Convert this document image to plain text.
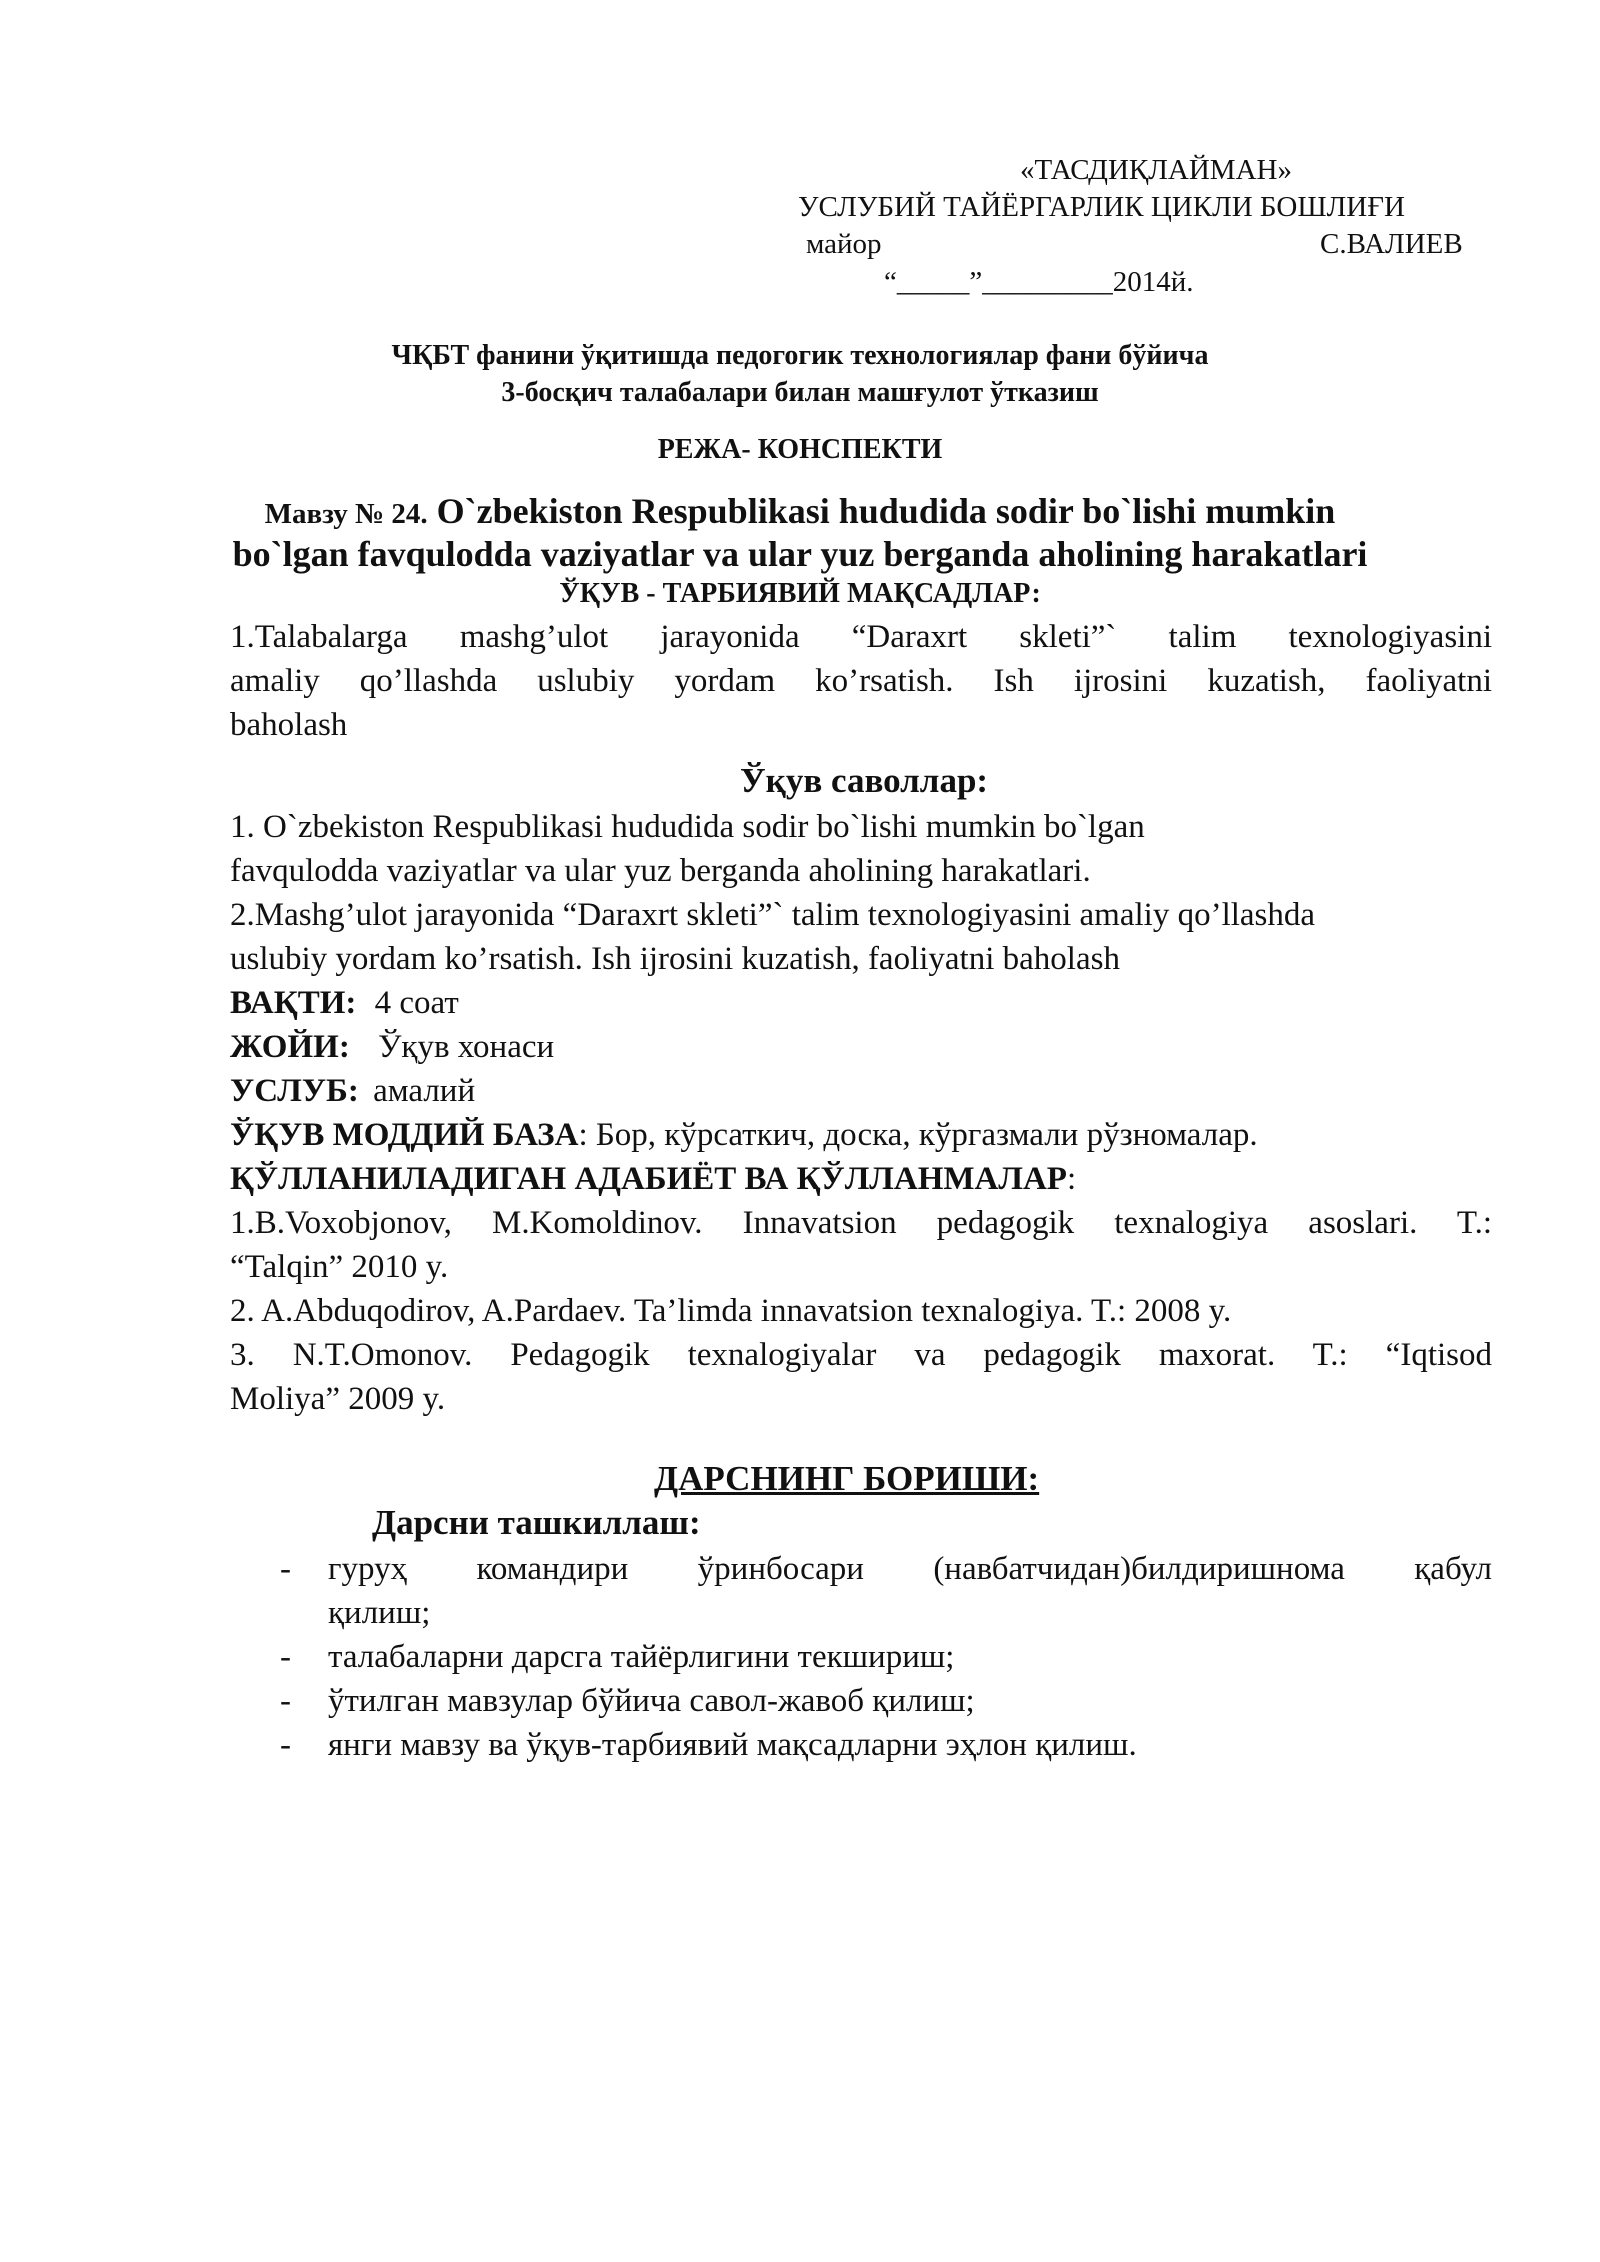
«ТАСДИҚЛАЙМАН»
УСЛУБИЙ ТАЙЁРГАРЛИК ЦИКЛИ БОШЛИҒИ
майор	С.ВАЛИЕВ
“_____”_________2014й.
ЧҚБТ фанини ўқитишда педогогик технологиялар фани бўйича
3-босқич талабалари билан машғулот ўтказиш
РЕЖА- КОНСПЕКТИ
Мавзу № 24. O`zbekiston Respublikasi hududida sodir bo`lishi mumkin
bo`lgan favqulodda vaziyatlar va ular yuz berganda aholining harakatlari
ЎҚУВ - ТАРБИЯВИЙ МАҚСАДЛАР:
1.Talabalarga mashg’ulot jarayonida “Daraxrt skleti”` talim texnologiyasini
amaliy qo’llashda uslubiy yordam ko’rsatish. Ish ijrosini kuzatish, faoliyatni
baholash
Ўқув саволлар:
1. O`zbekiston Respublikasi hududida sodir bo`lishi mumkin bo`lgan
favqulodda vaziyatlar va ular yuz berganda aholining harakatlari.
2.Mashg’ulot jarayonida “Daraxrt skleti”` talim texnologiyasini amaliy qo’llashda
uslubiy yordam ko’rsatish. Ish ijrosini kuzatish, faoliyatni baholash
ВАҚТИ: 4 соат
ЖОЙИ: Ўқув хонаси
УСЛУБ: амалий
ЎҚУВ МОДДИЙ БАЗА: Бор, кўрсаткич, доска, кўргазмали рўзномалар.
ҚЎЛЛАНИЛАДИГАН АДАБИЁТ ВА ҚЎЛЛАНМАЛАР:
1.B.Voxobjonov, M.Komoldinov. Innavatsion pedagogik texnalogiya asoslari. T.:
“Talqin” 2010 y.
2. A.Abduqodirov, A.Pardaev. Ta’limda innavatsion texnalogiya. T.: 2008 y.
3. N.T.Omonov. Pedagogik texnalogiyalar va pedagogik maxorat. T.: “Iqtisod
Moliya” 2009 y.
ДАРСНИНГ БОРИШИ:
Дарсни ташкиллаш:
- гуруҳ командири ўринбосари (навбатчидан)билдиришнома қабул
қилиш;
- талабаларни дарсга тайёрлигини текшириш;
- ўтилган мавзулар бўйича савол-жавоб қилиш;
- янги мавзу ва ўқув-тарбиявий мақсадларни эҳлон қилиш.
